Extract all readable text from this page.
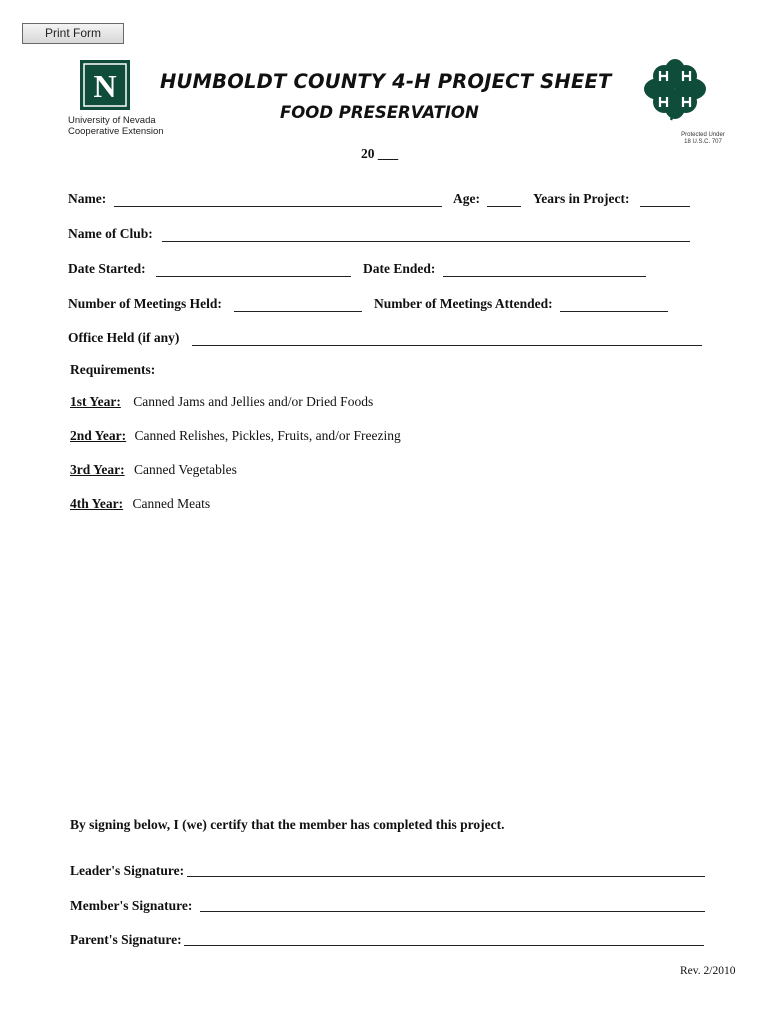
Print Form
N
University of Nevada
Cooperative Extension
HUMBOLDT COUNTY 4-H PROJECT SHEET
FOOD PRESERVATION
20 ___
Protected Under
18 U.S.C. 707
Name:	Age:	Years in Project:
Name of Club:
Date Started:	Date Ended:
Number of Meetings Held:	Number of Meetings Attended:
Office Held (if any)
Requirements:
1st Year: Canned Jams and Jellies and/or Dried Foods
2nd Year: Canned Relishes, Pickles, Fruits, and/or Freezing
3rd Year: Canned Vegetables
4th Year: Canned Meats
By signing below, I (we) certify that the member has completed this project.
Leader's Signature:
Member's Signature:
Parent's Signature:
Rev. 2/2010
